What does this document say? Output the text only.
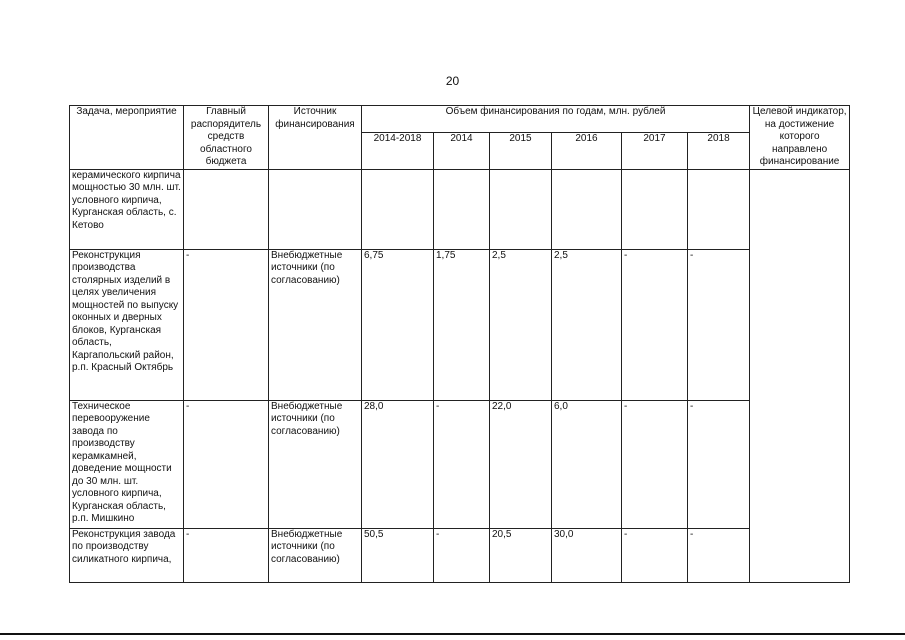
20
Задача, мероприятие	Главный распорядитель средств областного бюджета	Источник финансирования	Объем финансирования по годам, млн. рублей						Целевой индикатор, на достижение которого направлено финансирование
			2014-2018	2014	2015	2016	2017	2018	
керамического кирпича мощностью 30 млн. шт. условного кирпича, Курганская область, с. Кетово									
Реконструкция производства столярных изделий в целях увеличения мощностей по выпуску оконных и дверных блоков, Курганская область, Каргапольский район, р.п. Красный Октябрь	-	Внебюджетные источники (по согласованию)	6,75	1,75	2,5	2,5	-	-	
Техническое перевооружение завода по производству керамкамней, доведение мощности до 30 млн. шт. условного кирпича, Курганская область, р.п. Мишкино	-	Внебюджетные источники (по согласованию)	28,0	-	22,0	6,0	-	-	
Реконструкция завода по производству силикатного кирпича,	-	Внебюджетные источники (по согласованию)	50,5	-	20,5	30,0	-	-	
